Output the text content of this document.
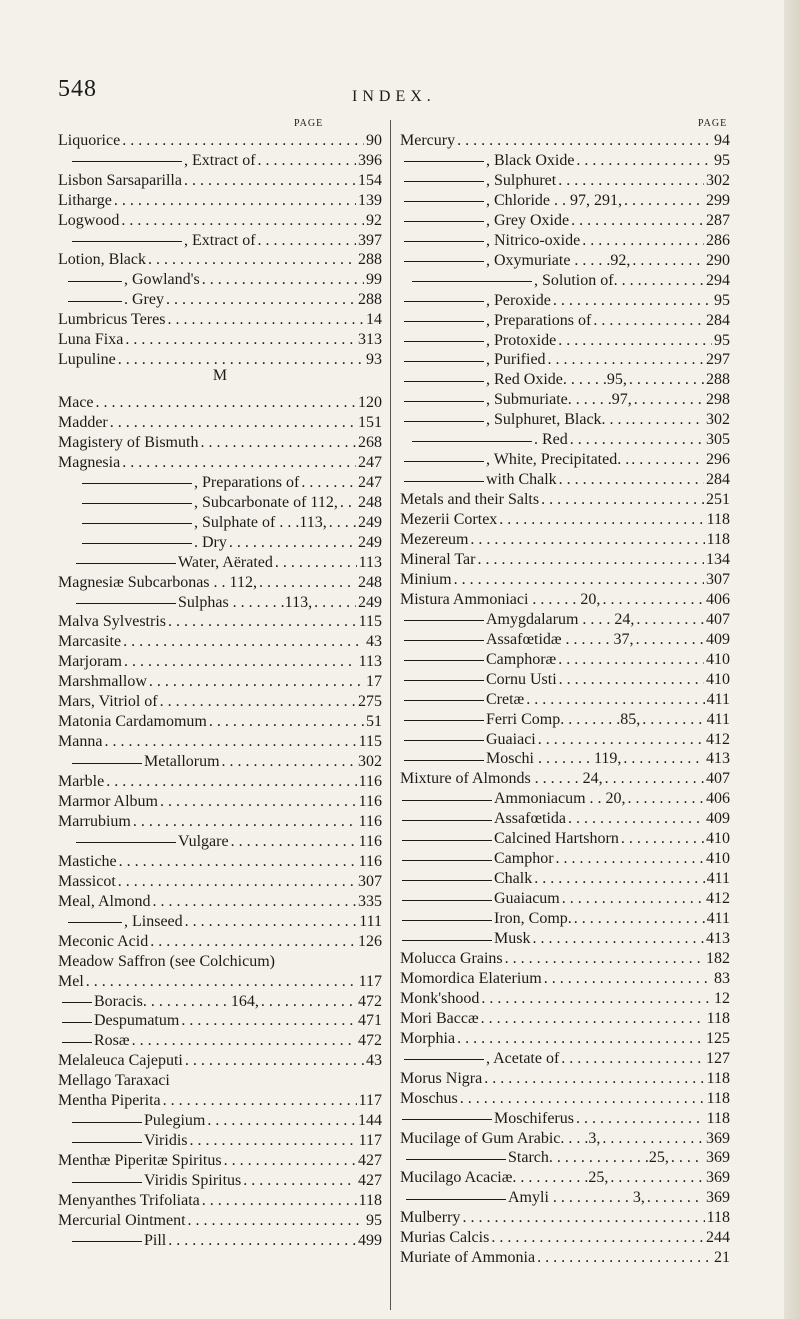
548	INDEX.
PAGE
Liquorice . . .	90
, Extract of . . .	396
Lisbon Sarsaparilla . . .	154
Litharge . . .	139
Logwood . . .	92
, Extract of . . .	397
Lotion, Black . . .	288
, Gowland's . . .	99
. Grey . . .	288
Lumbricus Teres . . .	14
Luna Fixa . . .	313
Lupuline . . .	93
M
Mace . . .	120
Madder . . .	151
Magistery of Bismuth . . .	268
Magnesia . . .	247
, Preparations of . . .	247
, Subcarbonate of 112, . . . 248
, Sulphate of . . .113, . . . 249
. Dry . . .	249
Water, Aërated . . .	113
Magnesiæ Subcarbonas . . 112, . . .	248
Sulphas . . . . . . .113, . . .	249
Malva Sylvestris . . .	115
Marcasite . . .	43
Marjoram . . .	113
Marshmallow . . .	17
Mars, Vitriol of . . .	275
Matonia Cardamomum . . .	51
Manna . . .	115
Metallorum . . .	302
Marble . . .	116
Marmor Album . . .	116
Marrubium . . .	116
Vulgare . . .	116
Mastiche . . .	116
Massicot . . .	307
Meal, Almond . . .	335
, Linseed . . .	111
Meconic Acid . . .	126
Meadow Saffron (see Colchicum)
Mel . . .	117
Boracis. . . . . . . . . . . 164, . . .	472
Despumatum . . .	471
Rosæ . . .	472
Melaleuca Cajeputi . . .	43
Mellago Taraxaci
Mentha Piperita . . .	117
Pulegium . . .	144
Viridis . . .	117
Menthæ Piperitæ Spiritus . . .	427
Viridis Spiritus . . .	427
Menyanthes Trifoliata . . .	118
Mercurial Ointment . . .	95
Pill . . .	499
PAGE
Mercury . . .	94
, Black Oxide . . .	95
, Sulphuret . . .	302
, Chloride . . 97, 291, . . .	299
, Grey Oxide . . .	287
, Nitrico-oxide . . .	286
, Oxymuriate . . . . .92, . . .	290
, Solution of. . . . . . .	294
, Peroxide . . .	95
, Preparations of . . .	284
, Protoxide . . .	95
, Purified . . .	297
, Red Oxide. . . . . .95, . . .	288
, Submuriate. . . . . .97, . . .	298
, Sulphuret, Black. . . . . . .	302
. Red . . .	305
, White, Precipitated. . . . .	296
with Chalk . . .	284
Metals and their Salts . . .	251
Mezerii Cortex . . .	118
Mezereum . . .	118
Mineral Tar . . .	134
Minium . . .	307
Mistura Ammoniaci . . . . . . 20, . . .	406
Amygdalarum . . . . 24, . . .	407
Assafœtidæ . . . . . . 37, . . .	409
Camphoræ . . .	410
Cornu Usti . . .	410
Cretæ . . .	411
Ferri Comp. . . . . . . .85, . . .	411
Guaiaci . . .	412
Moschi . . . . . . . 119, . . .	413
Mixture of Almonds . . . . . . 24, . . .	407
Ammoniacum . . 20, . . .	406
Assafœtida . . .	409
Calcined Hartshorn . . .	410
Camphor . . .	410
Chalk . . .	411
Guaiacum . . .	412
Iron, Comp. . . .	411
Musk . . .	413
Molucca Grains . . .	182
Momordica Elaterium . . .	83
Monk'shood . . .	12
Mori Baccæ . . .	118
Morphia . . .	125
, Acetate of . . .	127
Morus Nigra . . .	118
Moschus . . .	118
Moschiferus . . .	118
Mucilage of Gum Arabic. . . .3, . . .	369
Starch. . . . . . . . . . . . .25, . . . 369
Mucilago Acaciæ. . . . . . . . . .25, . . .	369
Amyli . . . . . . . . . . 3, . . .	369
Mulberry . . .	118
Murias Calcis . . .	244
Muriate of Ammonia . . .	21
